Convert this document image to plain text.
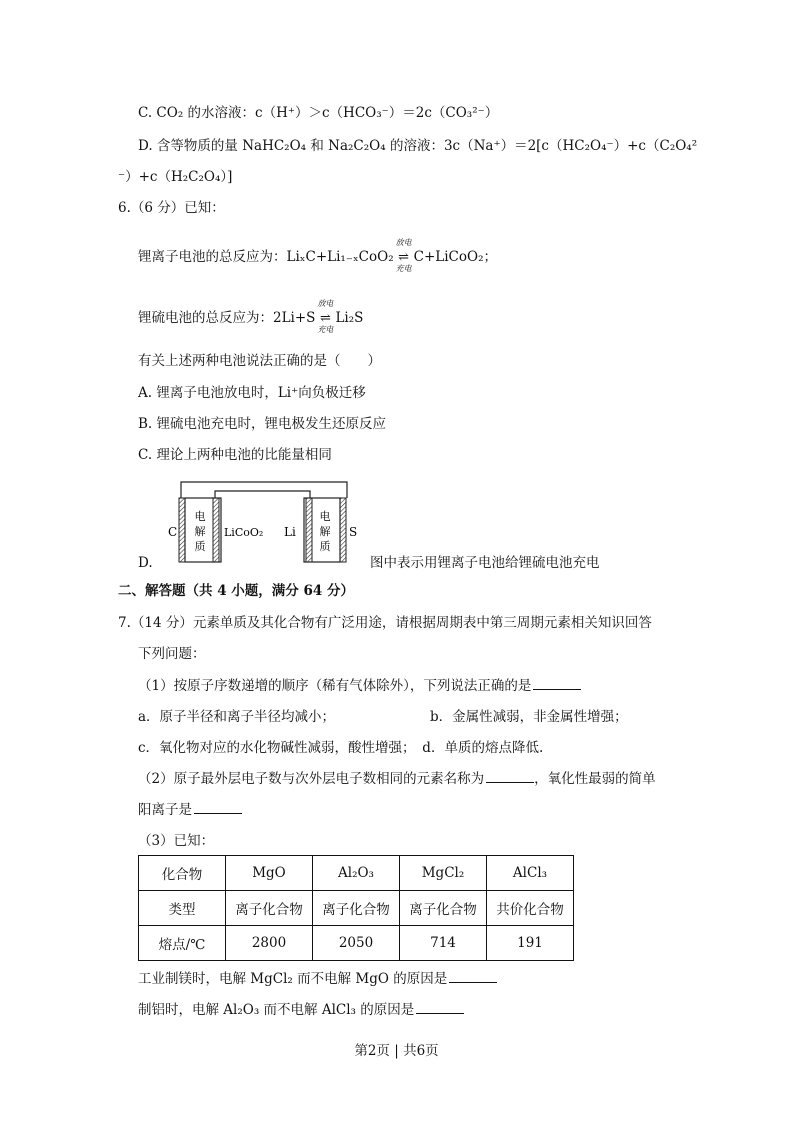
C. CO₂ 的水溶液：c（H⁺）＞c（HCO₃⁻）＝2c（CO₃²⁻）
D. 含等物质的量 NaHC₂O₄ 和 Na₂C₂O₄ 的溶液：3c（Na⁺）＝2[c（HC₂O₄⁻）+c（C₂O₄²
⁻）+c（H₂C₂O₄）]
6.（6 分）已知：
锂离子电池的总反应为：LiₓC+Li₁₋ₓCoO₂
放电
⇌
充电
C+LiCoO₂；
锂硫电池的总反应为：2Li+S
放电
⇌
充电
Li₂S
有关上述两种电池说法正确的是（　　）
A. 锂离子电池放电时，Li⁺向负极迁移
B. 锂硫电池充电时，锂电极发生还原反应
C. 理论上两种电池的比能量相同
电
解
质
电
解
质
C	LiCoO₂ Li	S
D.	图中表示用锂离子电池给锂硫电池充电
二、解答题（共 4 小题，满分 64 分）
7.（14 分）元素单质及其化合物有广泛用途，请根据周期表中第三周期元素相关知识回答
下列问题：
（1）按原子序数递增的顺序（稀有气体除外），下列说法正确的是
a．原子半径和离子半径均减小；	b．金属性减弱，非金属性增强；
c．氧化物对应的水化物碱性减弱，酸性增强；　d．单质的熔点降低.
（2）原子最外层电子数与次外层电子数相同的元素名称为	，氧化性最弱的简单
阳离子是
（3）已知：
化合物	MgO	Al₂O₃	MgCl₂	AlCl₃
类型	离子化合物	离子化合物	离子化合物	共价化合物
熔点/℃	2800	2050	714	191
工业制镁时，电解 MgCl₂ 而不电解 MgO 的原因是
制铝时，电解 Al₂O₃ 而不电解 AlCl₃ 的原因是
第2页 | 共6页
